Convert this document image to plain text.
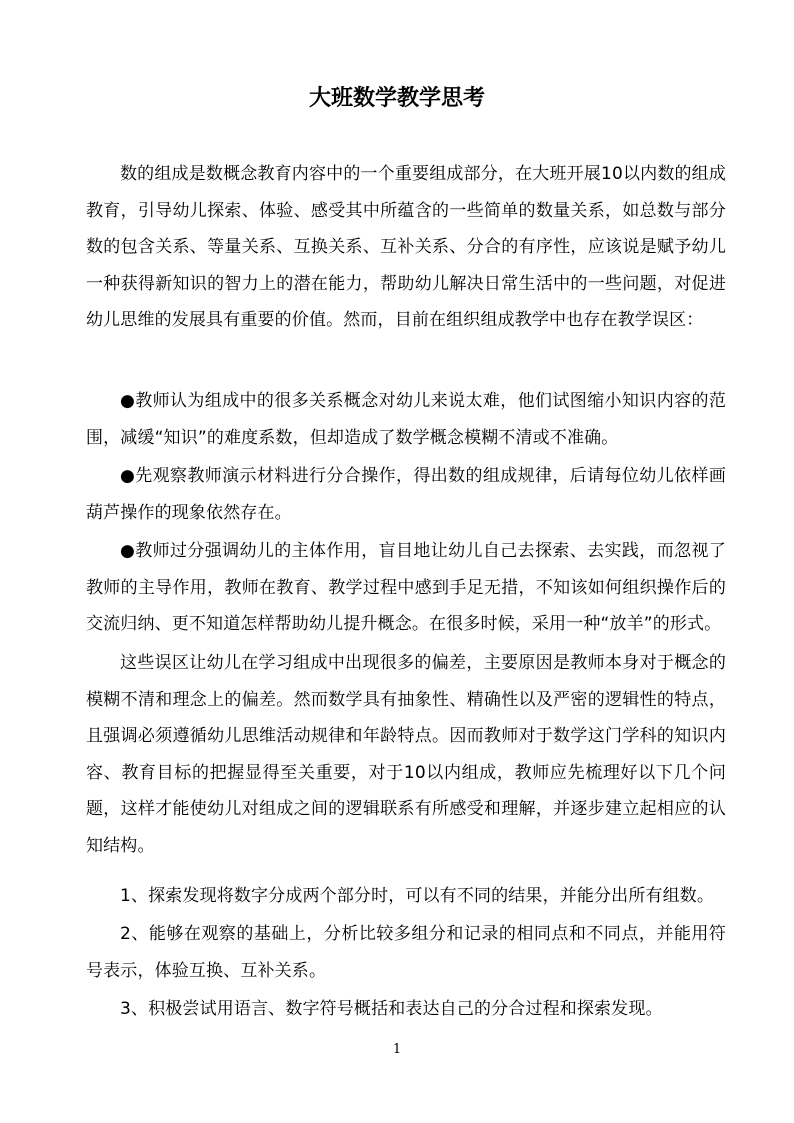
大班数学教学思考

数的组成是数概念教育内容中的一个重要组成部分，在大班开展10以内数的组成教育，引导幼儿探索、体验、感受其中所蕴含的一些简单的数量关系，如总数与部分数的包含关系、等量关系、互换关系、互补关系、分合的有序性，应该说是赋予幼儿一种获得新知识的智力上的潜在能力，帮助幼儿解决日常生活中的一些问题，对促进幼儿思维的发展具有重要的价值。然而，目前在组织组成教学中也存在教学误区：

●教师认为组成中的很多关系概念对幼儿来说太难，他们试图缩小知识内容的范围，减缓“知识”的难度系数，但却造成了数学概念模糊不清或不准确。

●先观察教师演示材料进行分合操作，得出数的组成规律，后请每位幼儿依样画葫芦操作的现象依然存在。

●教师过分强调幼儿的主体作用，盲目地让幼儿自己去探索、去实践，而忽视了教师的主导作用，教师在教育、教学过程中感到手足无措，不知该如何组织操作后的交流归纳、更不知道怎样帮助幼儿提升概念。在很多时候，采用一种“放羊”的形式。

这些误区让幼儿在学习组成中出现很多的偏差，主要原因是教师本身对于概念的模糊不清和理念上的偏差。然而数学具有抽象性、精确性以及严密的逻辑性的特点，且强调必须遵循幼儿思维活动规律和年龄特点。因而教师对于数学这门学科的知识内容、教育目标的把握显得至关重要，对于10以内组成，教师应先梳理好以下几个问题，这样才能使幼儿对组成之间的逻辑联系有所感受和理解，并逐步建立起相应的认知结构。

1、探索发现将数字分成两个部分时，可以有不同的结果，并能分出所有组数。

2、能够在观察的基础上，分析比较多组分和记录的相同点和不同点，并能用符号表示，体验互换、互补关系。

3、积极尝试用语言、数字符号概括和表达自己的分合过程和探索发现。

1
